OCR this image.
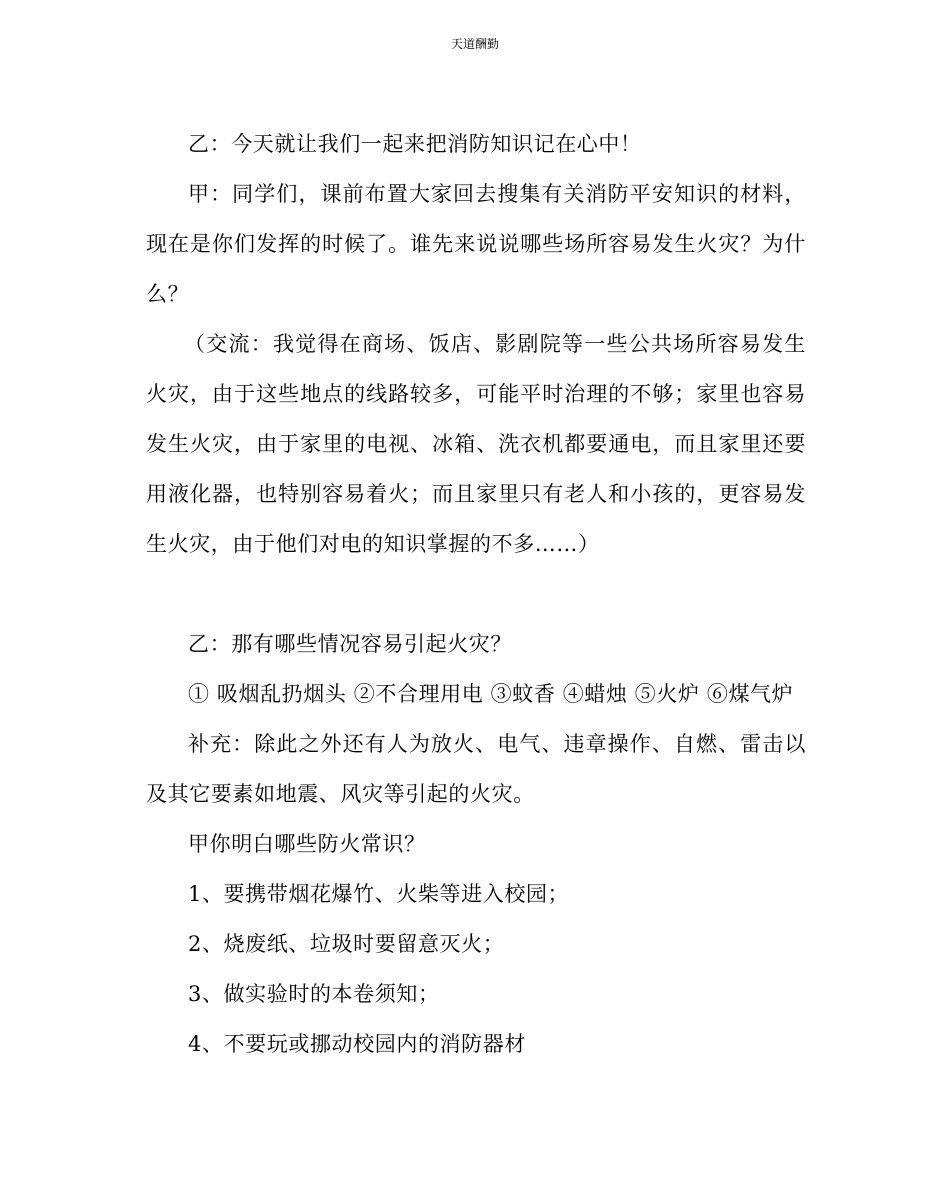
天道酬勤

乙：今天就让我们一起来把消防知识记在心中！

甲：同学们，课前布置大家回去搜集有关消防平安知识的材料，现在是你们发挥的时候了。谁先来说说哪些场所容易发生火灾？为什么？

（交流：我觉得在商场、饭店、影剧院等一些公共场所容易发生火灾，由于这些地点的线路较多，可能平时治理的不够；家里也容易发生火灾，由于家里的电视、冰箱、洗衣机都要通电，而且家里还要用液化器，也特别容易着火；而且家里只有老人和小孩的，更容易发生火灾，由于他们对电的知识掌握的不多……）

乙：那有哪些情况容易引起火灾？

① 吸烟乱扔烟头 ②不合理用电 ③蚊香 ④蜡烛 ⑤火炉 ⑥煤气炉

补充：除此之外还有人为放火、电气、违章操作、自燃、雷击以及其它要素如地震、风灾等引起的火灾。

甲你明白哪些防火常识？

1、要携带烟花爆竹、火柴等进入校园；

2、烧废纸、垃圾时要留意灭火；

3、做实验时的本卷须知；

4、不要玩或挪动校园内的消防器材
